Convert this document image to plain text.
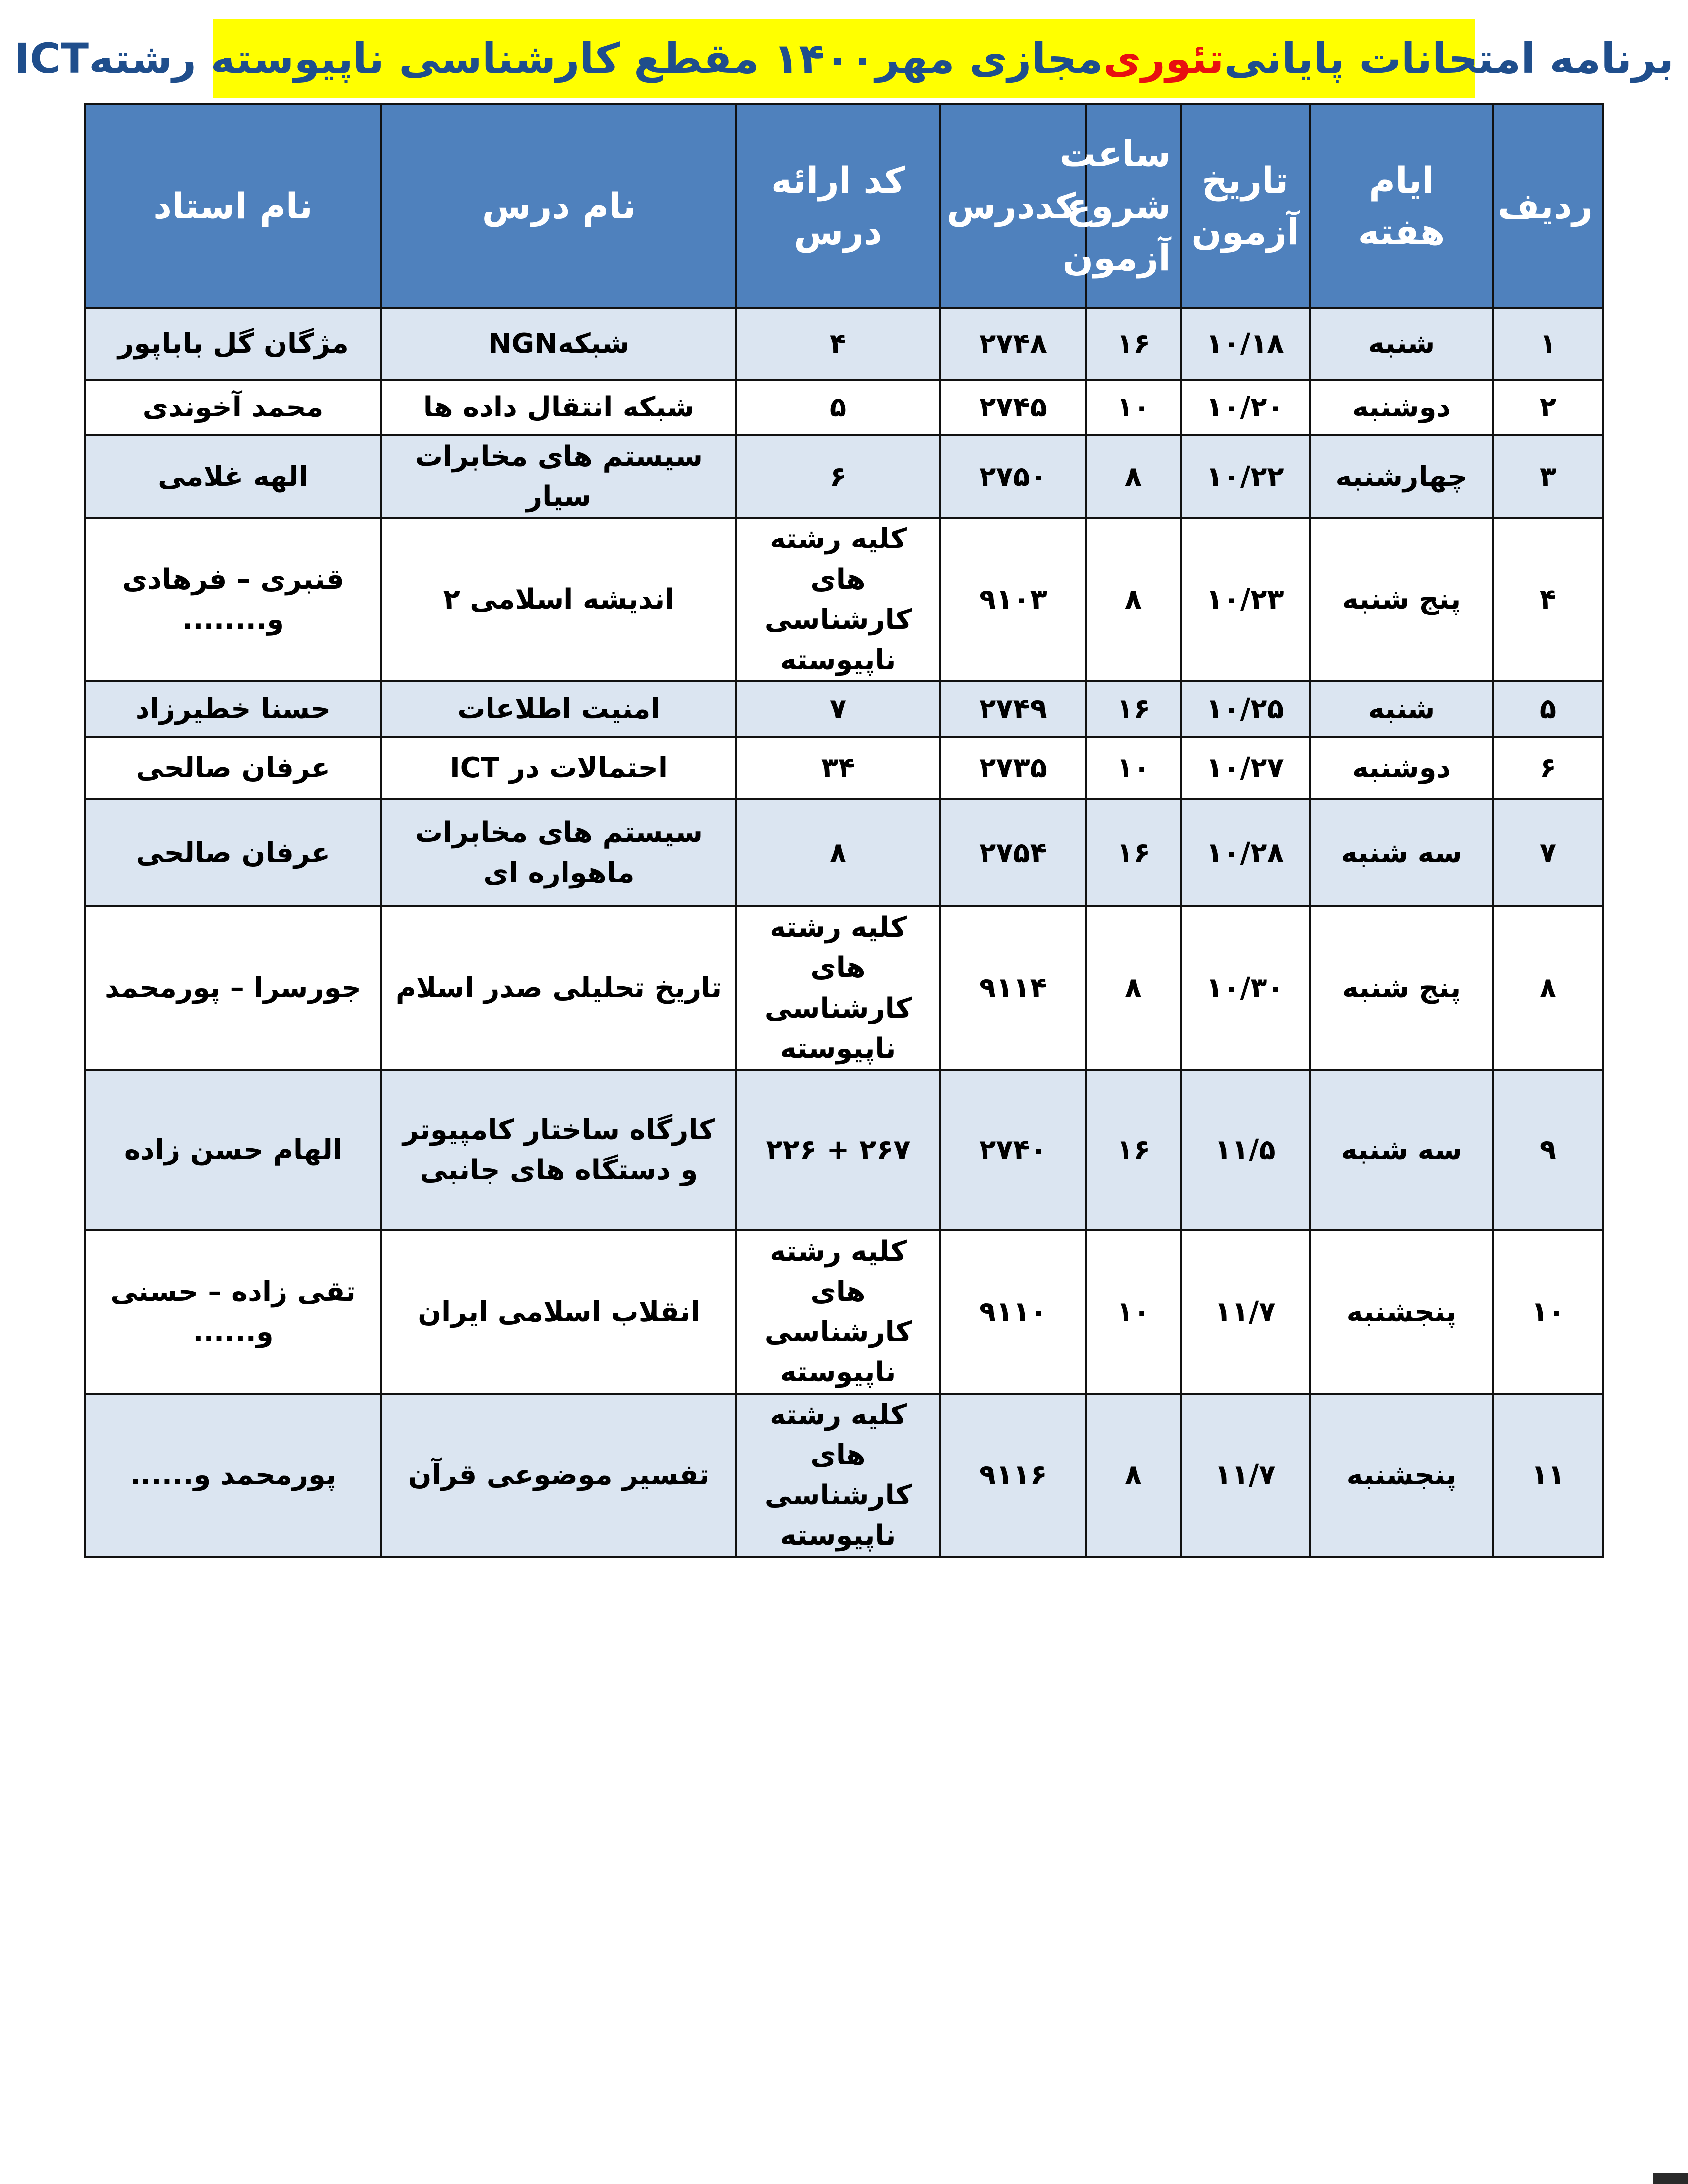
برنامه امتحانات پایانی
تئوری
مجازی مهر۱۴۰۰ مقطع کارشناسی ناپیوسته رشته
ICT
ردیف	ایام هفته	تاریخ آزمون	ساعت شروع آزمون	کددرس	کد ارائه درس	نام درس	نام استاد
۱	شنبه	۱۰/۱۸	۱۶	۲۷۴۸	۴	شبکهNGN	مژگان گل باباپور
۲	دوشنبه	۱۰/۲۰	۱۰	۲۷۴۵	۵	شبکه انتقال داده ها	محمد آخوندی
۳	چهارشنبه	۱۰/۲۲	۸	۲۷۵۰	۶	سیستم های مخابرات سیار	الهه غلامی
۴	پنج شنبه	۱۰/۲۳	۸	۹۱۰۳	کلیه رشته های کارشناسی ناپیوسته	اندیشه اسلامی ۲	قنبری – فرهادی و........
۵	شنبه	۱۰/۲۵	۱۶	۲۷۴۹	۷	امنیت اطلاعات	حسنا خطیرزاد
۶	دوشنبه	۱۰/۲۷	۱۰	۲۷۳۵	۳۴	احتمالات در ICT	عرفان صالحی
۷	سه شنبه	۱۰/۲۸	۱۶	۲۷۵۴	۸	سیستم های مخابرات ماهواره ای	عرفان صالحی
۸	پنج شنبه	۱۰/۳۰	۸	۹۱۱۴	کلیه رشته های کارشناسی ناپیوسته	تاریخ تحلیلی صدر اسلام	جورسرا – پورمحمد
۹	سه شنبه	۱۱/۵	۱۶	۲۷۴۰	۲۶۷ + ۲۲۶	کارگاه ساختار کامپیوتر و دستگاه های جانبی	الهام حسن زاده
۱۰	پنجشنبه	۱۱/۷	۱۰	۹۱۱۰	کلیه رشته های کارشناسی ناپیوسته	انقلاب اسلامی ایران	تقی زاده – حسنی و......
۱۱	پنجشنبه	۱۱/۷	۸	۹۱۱۶	کلیه رشته های کارشناسی ناپیوسته	تفسیر موضوعی قرآن	پورمحمد و......
